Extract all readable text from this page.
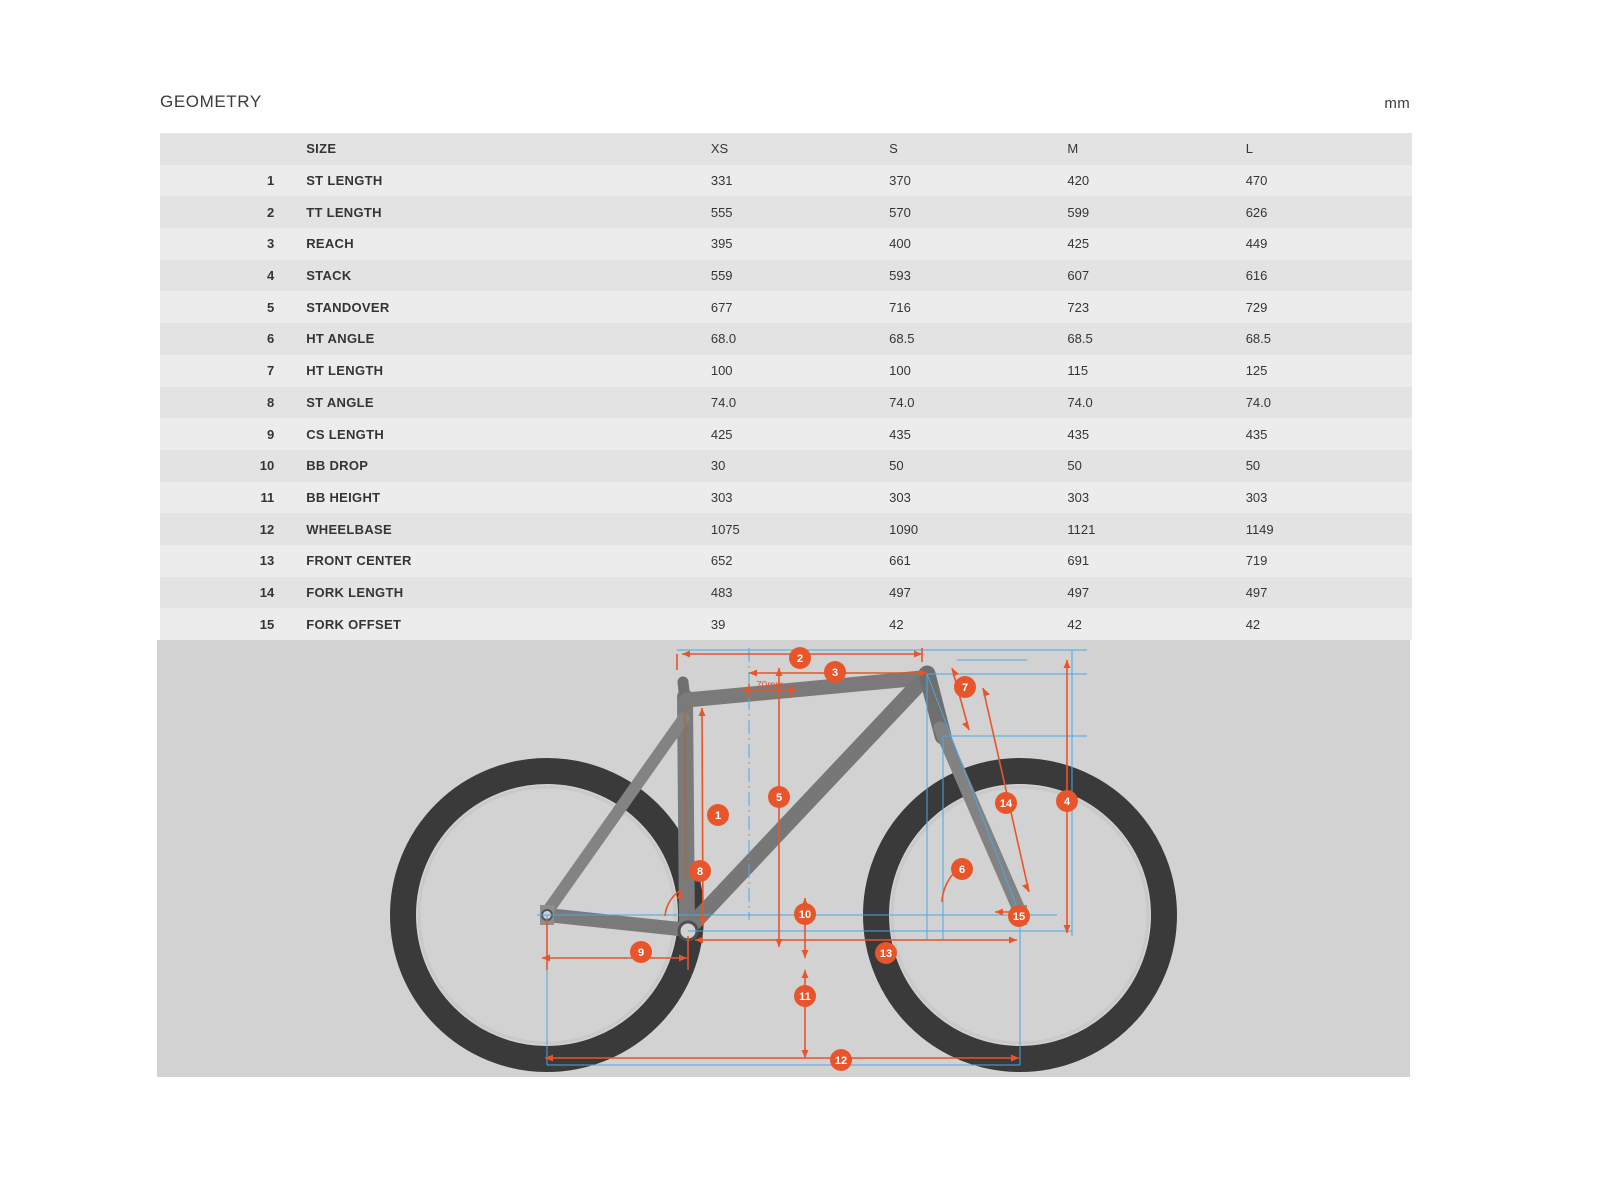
GEOMETRY	mm
	SIZE	XS	S	M	L
1	ST LENGTH	331	370	420	470
2	TT LENGTH	555	570	599	626
3	REACH	395	400	425	449
4	STACK	559	593	607	616
5	STANDOVER	677	716	723	729
6	HT ANGLE	68.0	68.5	68.5	68.5
7	HT LENGTH	100	100	115	125
8	ST ANGLE	74.0	74.0	74.0	74.0
9	CS LENGTH	425	435	435	435
10	BB DROP	30	50	50	50
11	BB HEIGHT	303	303	303	303
12	WHEELBASE	1075	1090	1121	1149
13	FRONT CENTER	652	661	691	719
14	FORK LENGTH	483	497	497	497
15	FORK OFFSET	39	42	42	42
70mm
1
2
3
4
5
6
7
8
9
10
11
12
13
14
15
